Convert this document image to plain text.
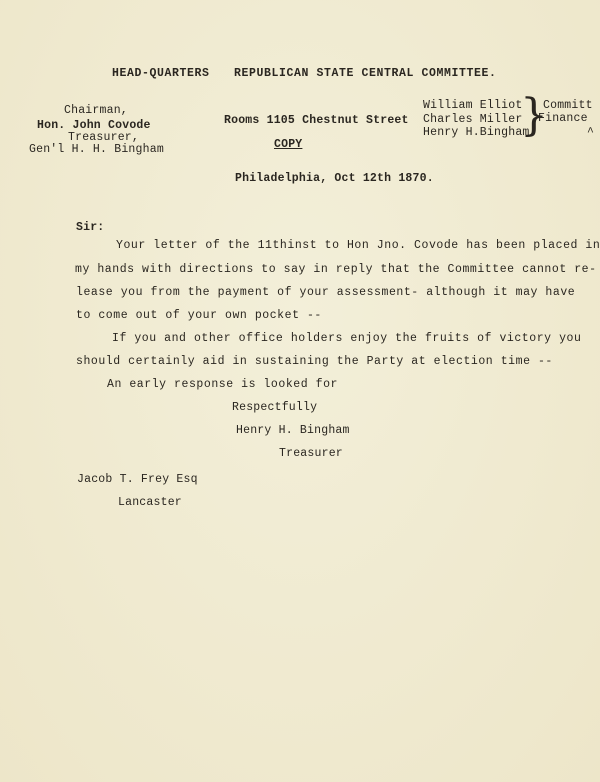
HEAD-QUARTERS REPUBLICAN STATE CENTRAL COMMITTEE.
Chairman,
Hon. John Covode
Treasurer,
Gen'l H. H. Bingham
Rooms 1105 Chestnut Street
COPY
William Elliot
Charles Miller
Henry H.Bingham
}
Committ
Finance
^
Philadelphia, Oct 12th 1870.
Sir:
Your letter of the 11thinst to Hon Jno. Covode has been placed in
my hands with directions to say in reply that the Committee cannot re-
lease you from the payment of your assessment- although it may have
to come out of your own pocket --
If you and other office holders enjoy the fruits of victory you
should certainly aid in sustaining the Party at election time --
An early response is looked for
Respectfully
Henry H. Bingham
Treasurer
Jacob T. Frey Esq
Lancaster
